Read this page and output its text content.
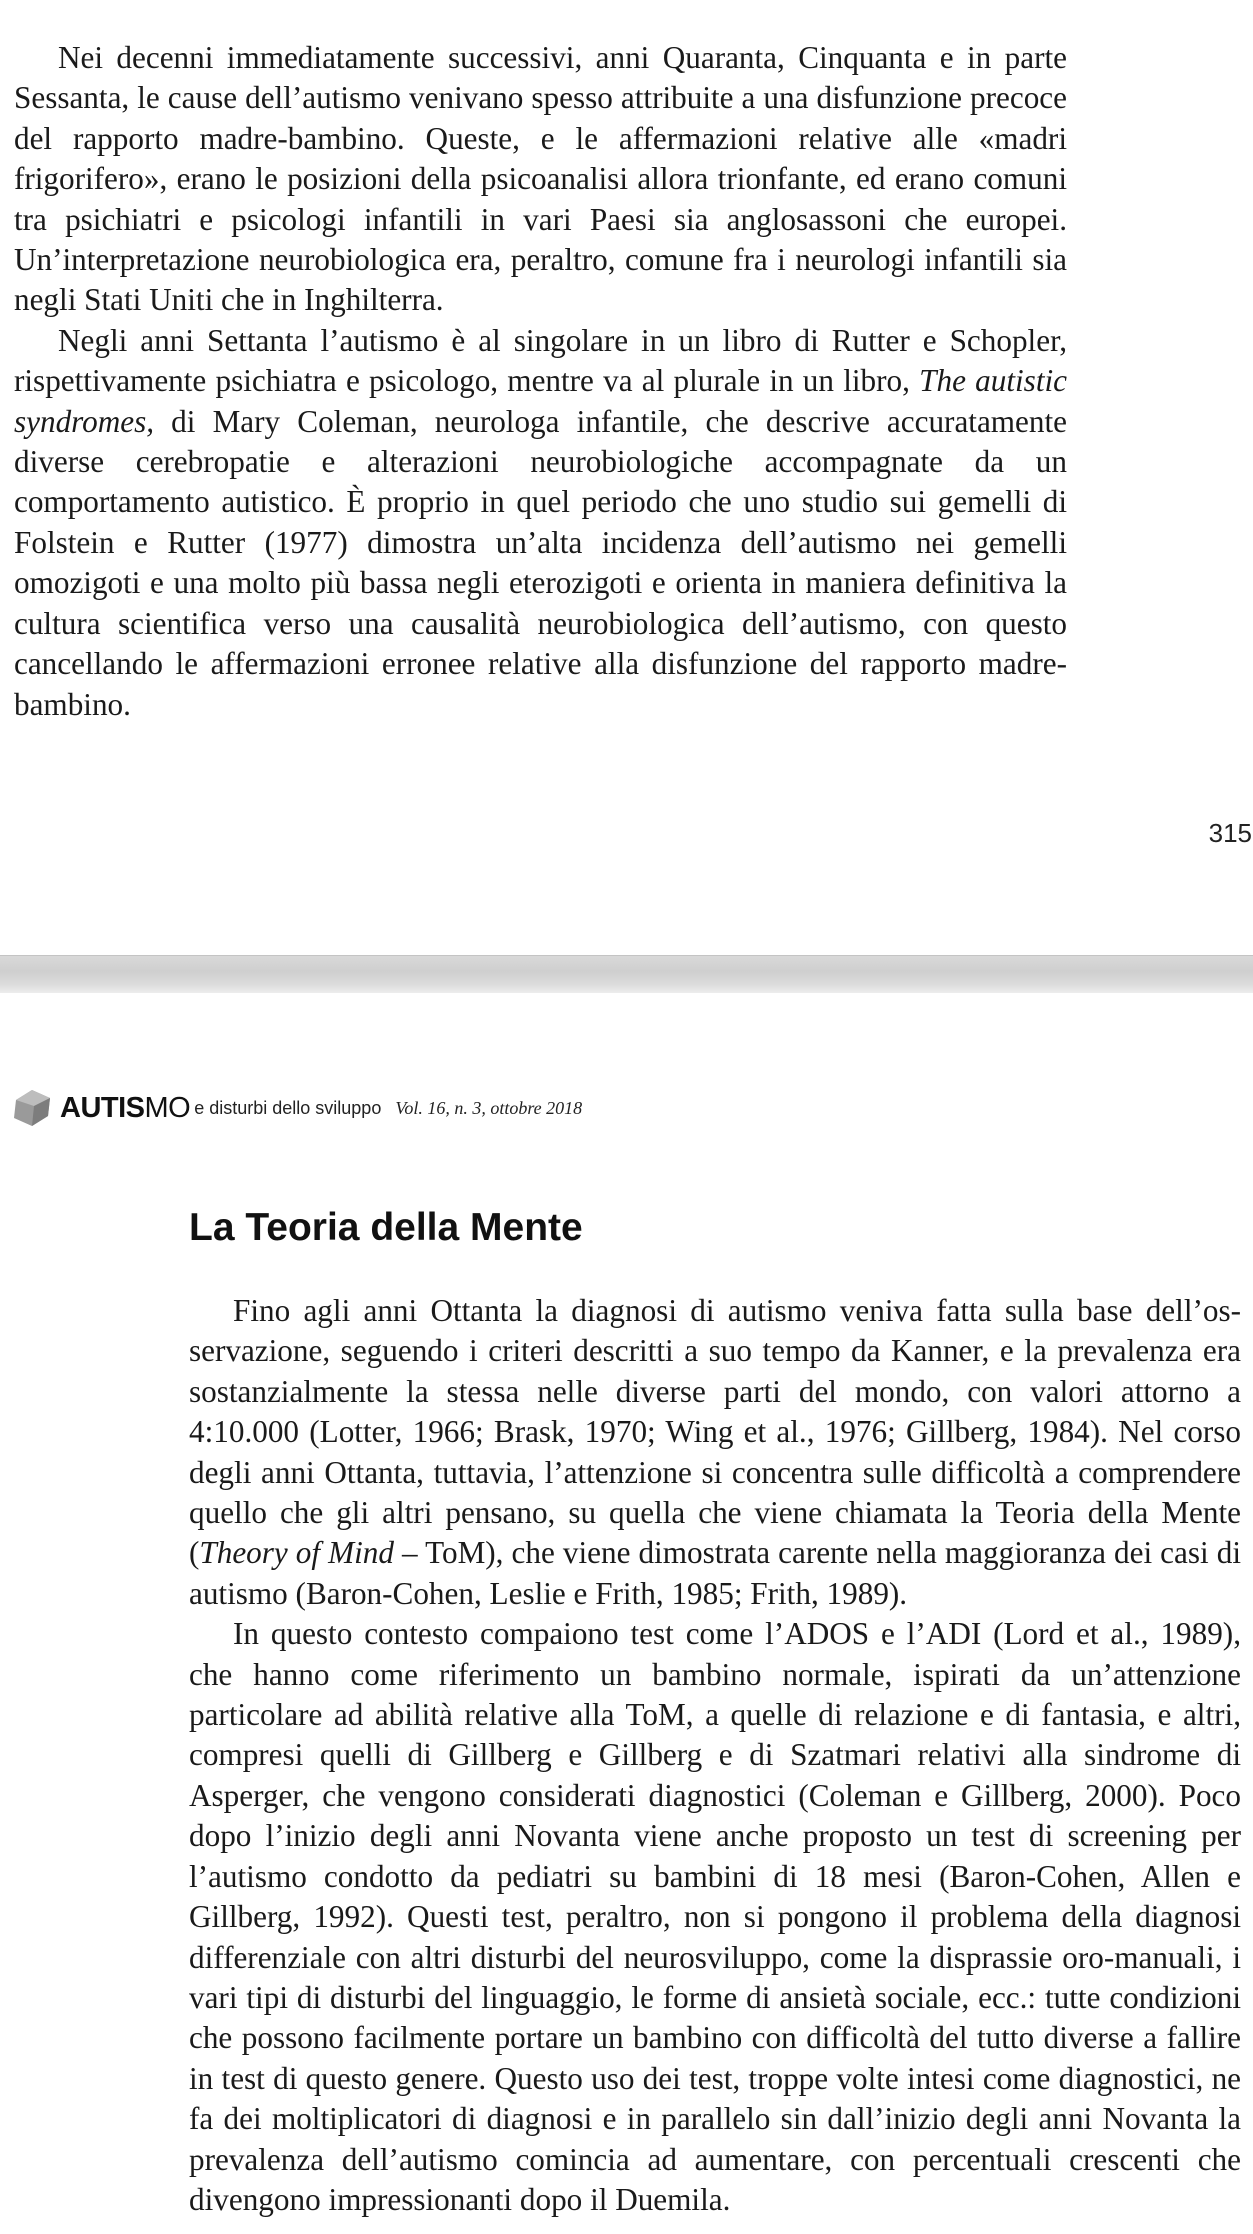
Nei decenni immediatamente successivi, anni Quaranta, Cinquanta e in parte Sessanta, le cause dell’autismo venivano spesso attribuite a una disfunzione precoce del rapporto madre-bambino. Queste, e le affermazioni relative alle «madri frigorifero», erano le posizioni della psicoanalisi allora trionfante, ed erano comuni tra psichiatri e psicologi infantili in vari Paesi sia anglosassoni che europei. Un’interpretazione neurobiologica era, peraltro, comune fra i neurologi infantili sia negli Stati Uniti che in Inghilterra.

Negli anni Settanta l’autismo è al singolare in un libro di Rutter e Schopler, rispettivamente psichiatra e psicologo, mentre va al plurale in un libro, The autistic syndromes, di Mary Coleman, neurologa infantile, che descrive accuratamente diverse cerebropatie e alterazioni neurobiologiche accompagnate da un comportamento autistico. È proprio in quel periodo che uno studio sui gemelli di Folstein e Rutter (1977) dimostra un’alta incidenza dell’autismo nei gemelli omozigoti e una molto più bassa negli eterozigoti e orienta in maniera definitiva la cultura scientifica verso una causalità neurobiologica dell’autismo, con questo cancellando le affermazioni erronee relative alla disfunzione del rapporto madre-bambino.

315
AUTISMO e disturbi dello sviluppo Vol. 16, n. 3, ottobre 2018
La Teoria della Mente

Fino agli anni Ottanta la diagnosi di autismo veniva fatta sulla base dell’osservazione, seguendo i criteri descritti a suo tempo da Kanner, e la prevalenza era sostanzialmente la stessa nelle diverse parti del mondo, con valori attorno a 4:10.000 (Lotter, 1966; Brask, 1970; Wing et al., 1976; Gillberg, 1984). Nel corso degli anni Ottanta, tuttavia, l’attenzione si concentra sulle difficoltà a comprendere quello che gli altri pensano, su quella che viene chiamata la Teoria della Mente (Theory of Mind – ToM), che viene dimostrata carente nella maggioranza dei casi di autismo (Baron-Cohen, Leslie e Frith, 1985; Frith, 1989).

In questo contesto compaiono test come l’ADOS e l’ADI (Lord et al., 1989), che hanno come riferimento un bambino normale, ispirati da un’attenzione particolare ad abilità relative alla ToM, a quelle di relazione e di fantasia, e altri, compresi quelli di Gillberg e Gillberg e di Szatmari relativi alla sindrome di Asperger, che vengono considerati diagnostici (Coleman e Gillberg, 2000). Poco dopo l’inizio degli anni Novanta viene anche proposto un test di screening per l’autismo condotto da pediatri su bambini di 18 mesi (Baron-Cohen, Allen e Gillberg, 1992). Questi test, peraltro, non si pongono il problema della diagnosi differenziale con altri disturbi del neurosviluppo, come la disprassie oro-manuali, i vari tipi di disturbi del linguaggio, le forme di ansietà sociale, ecc.: tutte condizioni che possono facilmente portare un bambino con difficoltà del tutto diverse a fallire in test di questo genere. Questo uso dei test, troppe volte intesi come diagnostici, ne fa dei moltiplicatori di diagnosi e in parallelo sin dall’inizio degli anni Novanta la prevalenza dell’autismo comincia ad aumentare, con percentuali crescenti che divengono impressionanti dopo il Duemila.
